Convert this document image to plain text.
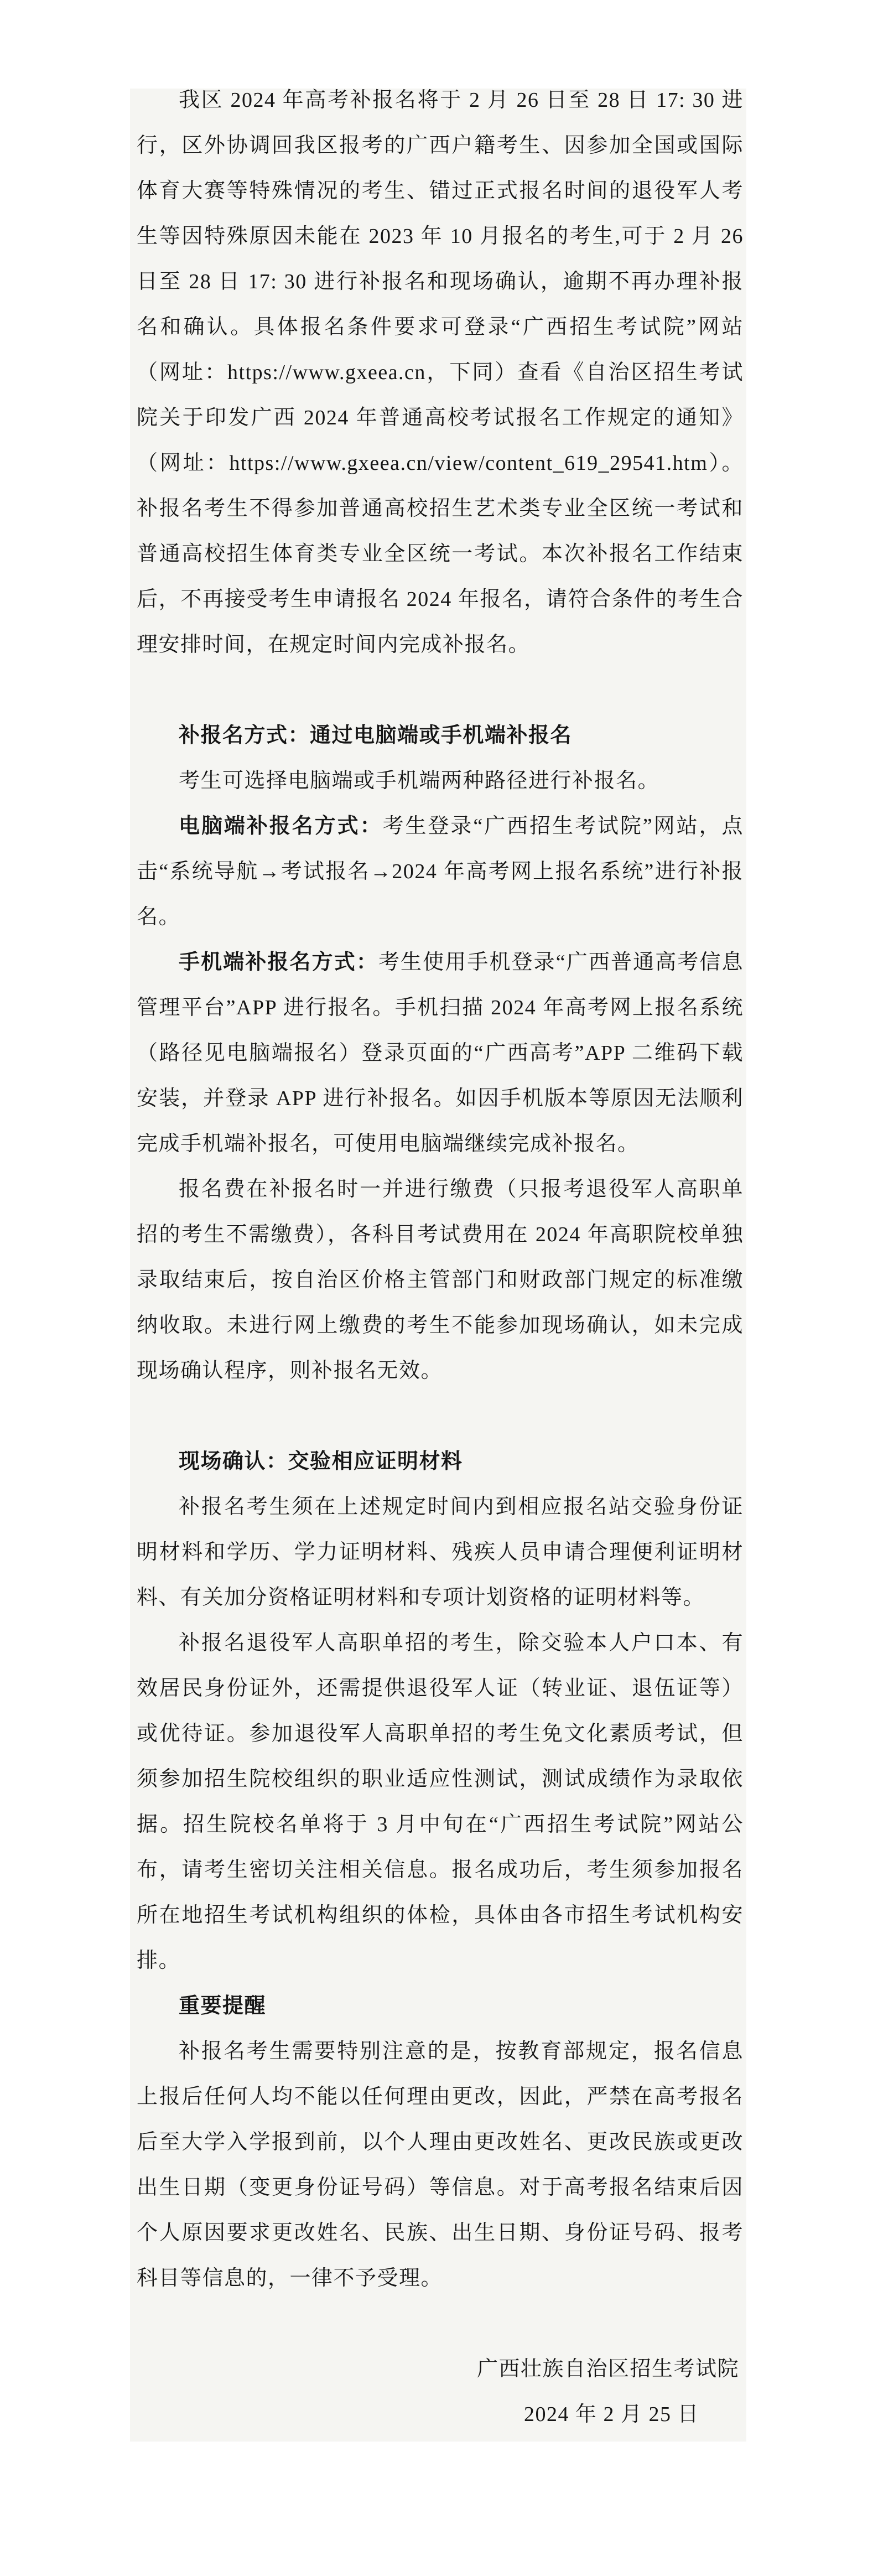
我区 2024 年高考补报名将于 2 月 26 日至 28 日 17: 30 进行，区外协调回我区报考的广西户籍考生、因参加全国或国际体育大赛等特殊情况的考生、错过正式报名时间的退役军人考生等因特殊原因未能在 2023 年 10 月报名的考生,可于 2 月 26 日至 28 日 17: 30 进行补报名和现场确认，逾期不再办理补报名和确认。具体报名条件要求可登录“广西招生考试院”网站（网址：https://www.gxeea.cn，下同）查看《自治区招生考试院关于印发广西 2024 年普通高校考试报名工作规定的通知》（网址：https://www.gxeea.cn/view/content_619_29541.htm）。补报名考生不得参加普通高校招生艺术类专业全区统一考试和普通高校招生体育类专业全区统一考试。本次补报名工作结束后，不再接受考生申请报名 2024 年报名，请符合条件的考生合理安排时间，在规定时间内完成补报名。

补报名方式：通过电脑端或手机端补报名

考生可选择电脑端或手机端两种路径进行补报名。

电脑端补报名方式：考生登录“广西招生考试院”网站，点击“系统导航→考试报名→2024 年高考网上报名系统”进行补报名。

手机端补报名方式：考生使用手机登录“广西普通高考信息管理平台”APP 进行报名。手机扫描 2024 年高考网上报名系统（路径见电脑端报名）登录页面的“广西高考”APP 二维码下载安装，并登录 APP 进行补报名。如因手机版本等原因无法顺利完成手机端补报名，可使用电脑端继续完成补报名。

报名费在补报名时一并进行缴费（只报考退役军人高职单招的考生不需缴费），各科目考试费用在 2024 年高职院校单独录取结束后，按自治区价格主管部门和财政部门规定的标准缴纳收取。未进行网上缴费的考生不能参加现场确认，如未完成现场确认程序，则补报名无效。

现场确认：交验相应证明材料

补报名考生须在上述规定时间内到相应报名站交验身份证明材料和学历、学力证明材料、残疾人员申请合理便利证明材料、有关加分资格证明材料和专项计划资格的证明材料等。

补报名退役军人高职单招的考生，除交验本人户口本、有效居民身份证外，还需提供退役军人证（转业证、退伍证等）或优待证。参加退役军人高职单招的考生免文化素质考试，但须参加招生院校组织的职业适应性测试，测试成绩作为录取依据。招生院校名单将于 3 月中旬在“广西招生考试院”网站公布，请考生密切关注相关信息。报名成功后，考生须参加报名所在地招生考试机构组织的体检，具体由各市招生考试机构安排。

重要提醒

补报名考生需要特别注意的是，按教育部规定，报名信息上报后任何人均不能以任何理由更改，因此，严禁在高考报名后至大学入学报到前，以个人理由更改姓名、更改民族或更改出生日期（变更身份证号码）等信息。对于高考报名结束后因个人原因要求更改姓名、民族、出生日期、身份证号码、报考科目等信息的，一律不予受理。

广西壮族自治区招生考试院

2024 年 2 月 25 日
